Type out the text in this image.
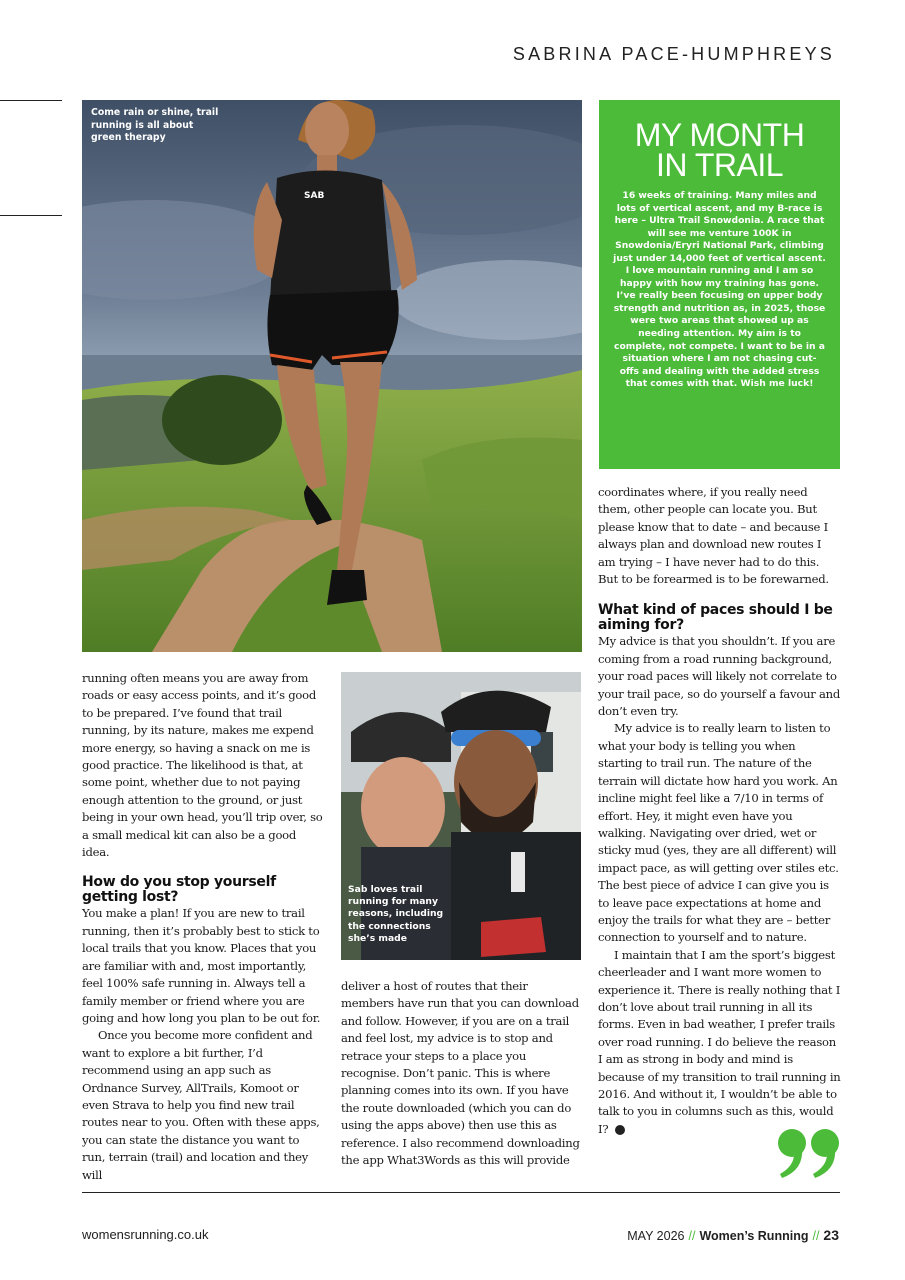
SABRINA PACE-HUMPHREYS
SAB
Come rain or shine, trail running is all about green therapy	MY MONTH
IN TRAIL
16 weeks of training. Many miles and lots of vertical ascent, and my B-race is here – Ultra Trail Snowdonia. A race that will see me venture 100K in Snowdonia/Eryri National Park, climbing just under 14,000 feet of vertical ascent. I love mountain running and I am so happy with how my training has gone. I’ve really been focusing on upper body strength and nutrition as, in 2025, those were two areas that showed up as needing attention. My aim is to complete, not compete. I want to be in a situation where I am not chasing cut-offs and dealing with the added stress that comes with that. Wish me luck!

running often means you are away from roads or easy access points, and it’s good to be prepared. I’ve found that trail running, by its nature, makes me expend more energy, so having a snack on me is good practice. The likelihood is that, at some point, whether due to not paying enough attention to the ground, or just being in your own head, you’ll trip over, so a small medical kit can also be a good idea.

How do you stop yourself getting lost?

You make a plan! If you are new to trail running, then it’s probably best to stick to local trails that you know. Places that you are familiar with and, most importantly, feel 100% safe running in. Always tell a family member or friend where you are going and how long you plan to be out for.

Once you become more confident and want to explore a bit further, I’d recommend using an app such as Ordnance Survey, AllTrails, Komoot or even Strava to help you find new trail routes near to you. Often with these apps, you can state the distance you want to run, terrain (trail) and location and they will

Sab loves trail running for many reasons, including the connections she’s made

deliver a host of routes that their members have run that you can download and follow. However, if you are on a trail and feel lost, my advice is to stop and retrace your steps to a place you recognise. Don’t panic. This is where planning comes into its own. If you have the route downloaded (which you can do using the apps above) then use this as reference. I also recommend downloading the app What3Words as this will provide

coordinates where, if you really need them, other people can locate you. But please know that to date – and because I always plan and download new routes I am trying – I have never had to do this. But to be forearmed is to be forewarned.

What kind of paces should I be aiming for?

My advice is that you shouldn’t. If you are coming from a road running background, your road paces will likely not correlate to your trail pace, so do yourself a favour and don’t even try.

My advice is to really learn to listen to what your body is telling you when starting to trail run. The nature of the terrain will dictate how hard you work. An incline might feel like a 7/10 in terms of effort. Hey, it might even have you walking. Navigating over dried, wet or sticky mud (yes, they are all different) will impact pace, as will getting over stiles etc. The best piece of advice I can give you is to leave pace expectations at home and enjoy the trails for what they are – better connection to yourself and to nature.

I maintain that I am the sport’s biggest cheerleader and I want more women to experience it. There is really nothing that I don’t love about trail running in all its forms. Even in bad weather, I prefer trails over road running. I do believe the reason I am as strong in body and mind is because of my transition to trail running in 2016. And without it, I wouldn’t be able to talk to you in columns such as this, would I?

womensrunning.co.uk	MAY 2026 // Women’s Running // 23
